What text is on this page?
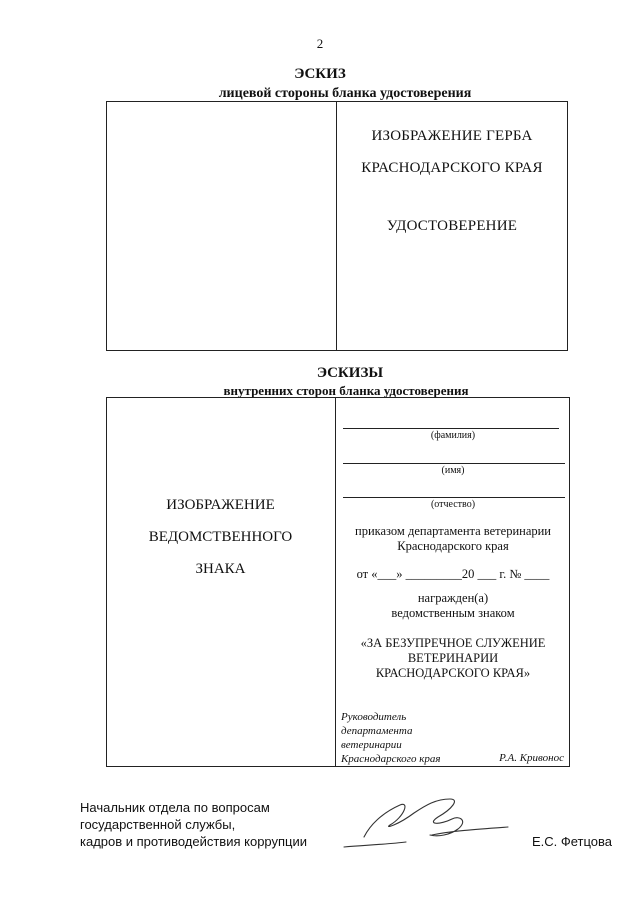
2
ЭСКИЗ
лицевой стороны бланка удостоверения
ИЗОБРАЖЕНИЕ ГЕРБА
КРАСНОДАРСКОГО КРАЯ
УДОСТОВЕРЕНИЕ
ЭСКИЗЫ
внутренних сторон бланка удостоверения
ИЗОБРАЖЕНИЕ
ВЕДОМСТВЕННОГО
ЗНАКА
(фамилия)
(имя)
(отчество)
приказом департамента ветеринарии
Краснодарского края
от «___» _________20 ___ г. № ____
награжден(а)
ведомственным знаком
«ЗА БЕЗУПРЕЧНОЕ СЛУЖЕНИЕ
ВЕТЕРИНАРИИ
КРАСНОДАРСКОГО КРАЯ»
Руководитель
департамента
ветеринарии
Краснодарского края	Р.А. Кривонос
Начальник отдела по вопросам
государственной службы,
кадров и противодействия коррупции	Е.С. Фетцова
